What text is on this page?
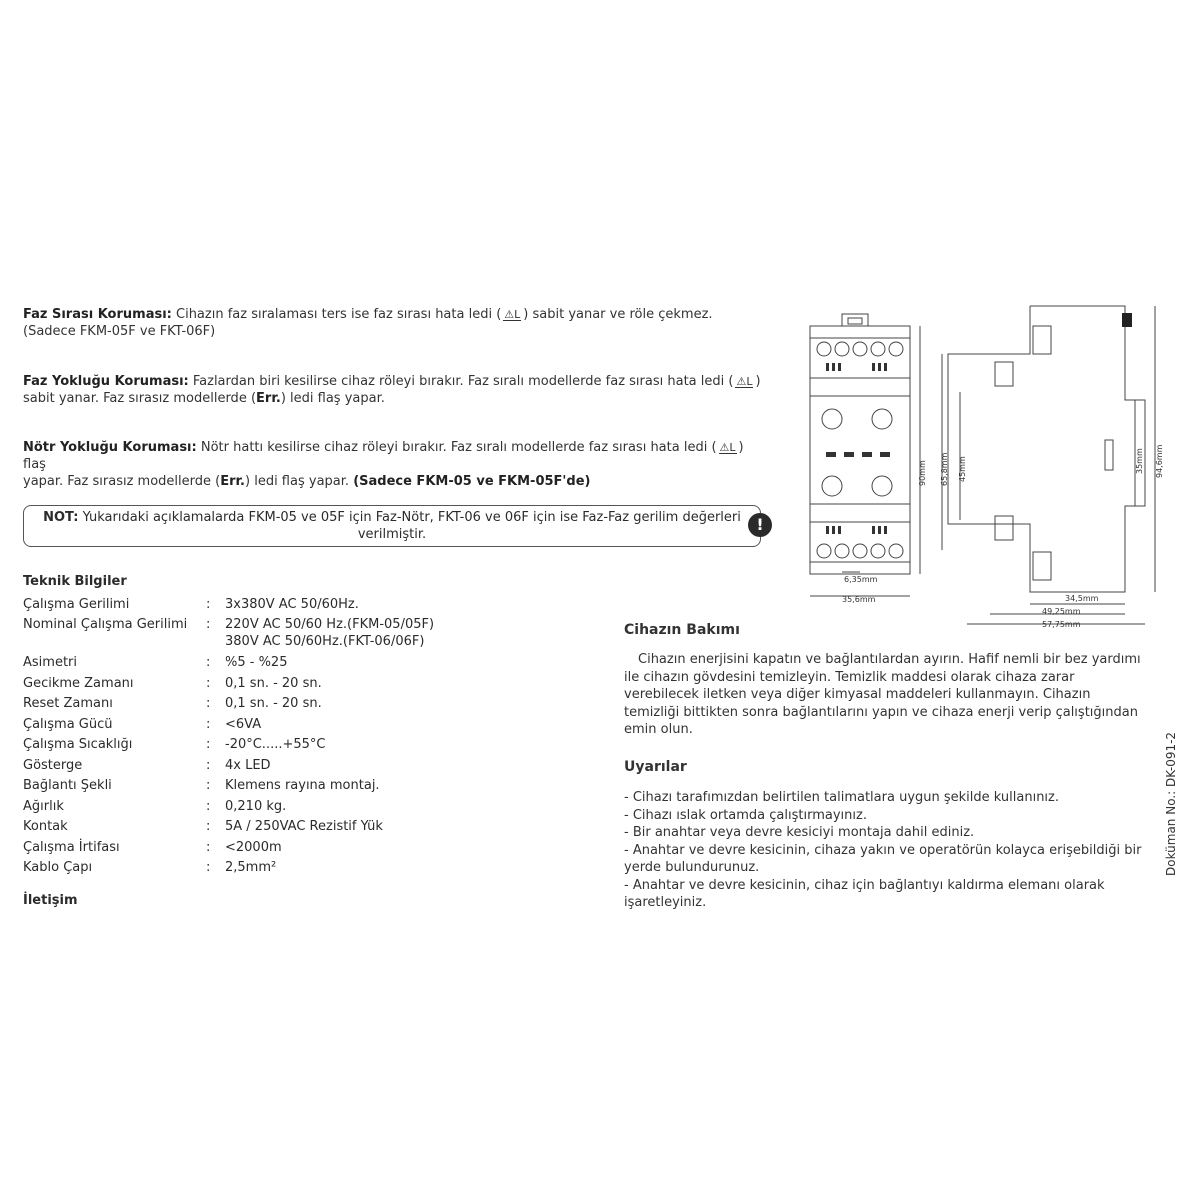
Faz Sırası Koruması: Cihazın faz sıralaması ters ise faz sırası hata ledi ( ⚠L ) sabit yanar ve röle çekmez.
(Sadece FKM-05F ve FKT-06F)
Faz Yokluğu Koruması: Fazlardan biri kesilirse cihaz röleyi bırakır. Faz sıralı modellerde faz sırası hata ledi ( ⚠L )
sabit yanar. Faz sırasız modellerde (Err.) ledi flaş yapar.
Nötr Yokluğu Koruması: Nötr hattı kesilirse cihaz röleyi bırakır. Faz sıralı modellerde faz sırası hata ledi ( ⚠L ) flaş
yapar. Faz sırasız modellerde (Err.) ledi flaş yapar. (Sadece FKM-05 ve FKM-05F'de)
NOT: Yukarıdaki açıklamalarda FKM-05 ve 05F için Faz-Nötr, FKT-06 ve 06F için ise Faz-Faz gerilim değerleri
verilmiştir.
!
Teknik Bilgiler
Çalışma Gerilimi	: 3x380V AC 50/60Hz.
Nominal Çalışma Gerilimi : 220V AC 50/60 Hz.(FKM-05/05F)
380V AC 50/60Hz.(FKT-06/06F)
Asimetri	: %5 - %25
Gecikme Zamanı	: 0,1 sn. - 20 sn.
Reset Zamanı	: 0,1 sn. - 20 sn.
Çalışma Gücü	: <6VA
Çalışma Sıcaklığı	: -20°C.....+55°C
Gösterge	: 4x LED
Bağlantı Şekli	: Klemens rayına montaj.
Ağırlık	: 0,210 kg.
Kontak	: 5A / 250VAC Rezistif Yük
Çalışma İrtifası	: <2000m
Kablo Çapı	: 2,5mm²
İletişim
90mm 65,8mm 45mm	35mm 94,6mm
6,35mm
35,6mm	34,5mm
49,25mm
57,75mm
Cihazın Bakımı
Cihazın enerjisini kapatın ve bağlantılardan ayırın. Hafif nemli bir bez yardımı
ile cihazın gövdesini temizleyin. Temizlik maddesi olarak cihaza zarar
verebilecek iletken veya diğer kimyasal maddeleri kullanmayın. Cihazın
temizliği bittikten sonra bağlantılarını yapın ve cihaza enerji verip çalıştığından
emin olun.
Uyarılar
- Cihazı tarafımızdan belirtilen talimatlara uygun şekilde kullanınız.
- Cihazı ıslak ortamda çalıştırmayınız.
- Bir anahtar veya devre kesiciyi montaja dahil ediniz.
- Anahtar ve devre kesicinin, cihaza yakın ve operatörün kolayca erişebildiği bir
yerde bulundurunuz.
- Anahtar ve devre kesicinin, cihaz için bağlantıyı kaldırma elemanı olarak
işaretleyiniz.
Doküman No.: DK-091-2
